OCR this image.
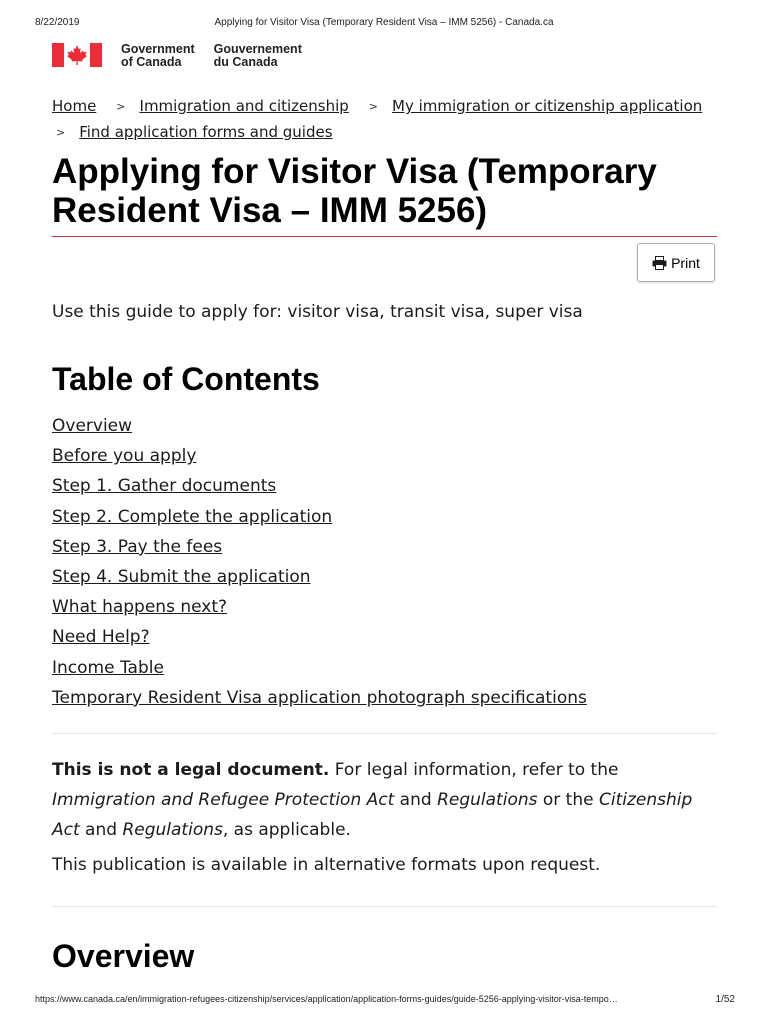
8/22/2019	Applying for Visitor Visa (Temporary Resident Visa – IMM 5256) - Canada.ca
Government
of Canada
Gouvernement
du Canada
Home > Immigration and citizenship > My immigration or citizenship application
> Find application forms and guides
Applying for Visitor Visa (Temporary Resident Visa – IMM 5256)
Print

Use this guide to apply for: visitor visa, transit visa, super visa

Table of Contents
Overview
Before you apply
Step 1. Gather documents
Step 2. Complete the application
Step 3. Pay the fees
Step 4. Submit the application
What happens next?
Need Help?
Income Table
Temporary Resident Visa application photograph specifications

This is not a legal document. For legal information, refer to the Immigration and Refugee Protection Act and Regulations or the Citizenship Act and Regulations, as applicable.

This publication is available in alternative formats upon request.

Overview
https://www.canada.ca/en/immigration-refugees-citizenship/services/application/application-forms-guides/guide-5256-applying-visitor-visa-tempo…	1/52
